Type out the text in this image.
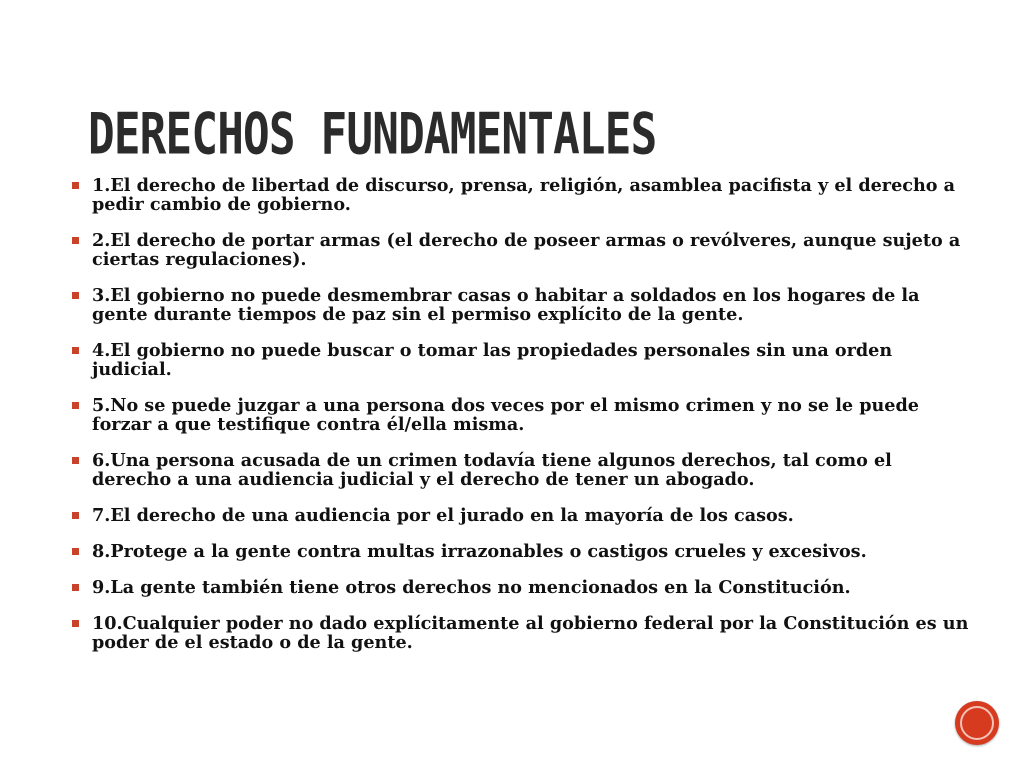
DERECHOS FUNDAMENTALES
1.El derecho de libertad de discurso, prensa, religión, asamblea pacifista y el derecho a pedir cambio de gobierno.
2.El derecho de portar armas (el derecho de poseer armas o revólveres, aunque sujeto a ciertas regulaciones).
3.El gobierno no puede desmembrar casas o habitar a soldados en los hogares de la gente durante tiempos de paz sin el permiso explícito de la gente.
4.El gobierno no puede buscar o tomar las propiedades personales sin una orden judicial.
5.No se puede juzgar a una persona dos veces por el mismo crimen y no se le puede forzar a que testifique contra él/ella misma.
6.Una persona acusada de un crimen todavía tiene algunos derechos, tal como el derecho a una audiencia judicial y el derecho de tener un abogado.
7.El derecho de una audiencia por el jurado en la mayoría de los casos.
8.Protege a la gente contra multas irrazonables o castigos crueles y excesivos.
9.La gente también tiene otros derechos no mencionados en la Constitución.
10.Cualquier poder no dado explícitamente al gobierno federal por la Constitución es un poder de el estado o de la gente.
